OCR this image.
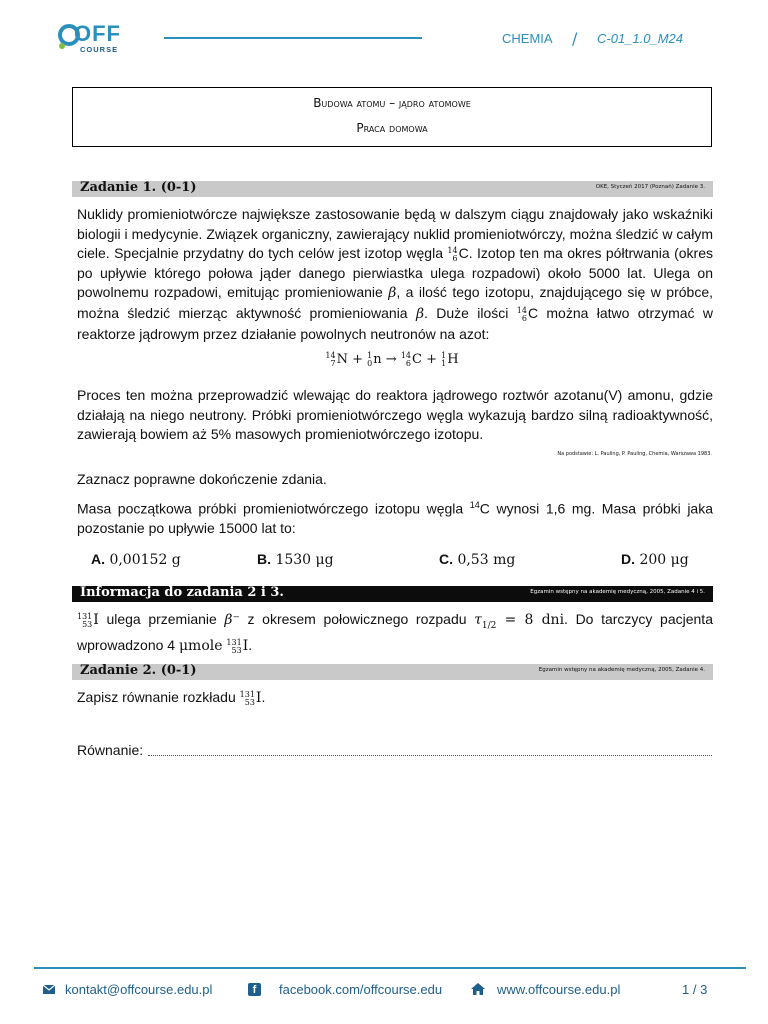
OFF
COURSE
CHEMIA / C-01_1.0_M24
Budowa atomu – jądro atomowe
Praca domowa
Zadanie 1. (0-1)	OKE, Styczeń 2017 (Poznań) Zadanie 3.
Nuklidy promieniotwórcze największe zastosowanie będą w dalszym ciągu znajdowały jako wskaźniki biologii i medycynie. Związek organiczny, zawierający nuklid promieniotwórczy, można śledzić w całym ciele. Specjalnie przydatny do tych celów jest izotop węgla 14
6 C. Izotop ten ma okres półtrwania (okres po upływie którego połowa jąder danego pierwiastka ulega rozpadowi) około 5000 lat. Ulega on powolnemu rozpadowi, emitując promieniowanie β, a ilość tego izotopu, znajdującego się w próbce, można śledzić mierząc aktywność promieniowania β. Duże ilości 14
6 C można łatwo otrzymać w reaktorze jądrowym przez działanie powolnych neutronów na azot:
14
7 N + 1
0 n → 14
6 C + 1
1 H
Proces ten można przeprowadzić wlewając do reaktora jądrowego roztwór azotanu(V) amonu, gdzie działają na niego neutrony. Próbki promieniotwórczego węgla wykazują bardzo silną radioaktywność, zawierają bowiem aż 5% masowych promieniotwórczego izotopu.
Na podstawie: L. Pauling, P. Pauling, Chemia, Warszawa 1983.
Zaznacz poprawne dokończenie zdania.
Masa początkowa próbki promieniotwórczego izotopu węgla $^{14}$C wynosi 1,6 mg. Masa próbki jaka pozostanie po upływie 15000 lat to:
A. 0,00152 g	B. 1530 μg	C. 0,53 mg	D. 200 μg
Informacja do zadania 2 i 3.	Egzamin wstępny na akademię medyczną, 2005, Zadanie 4 i 5.
131
53 I ulega przemianie β⁻ z okresem połowicznego rozpadu $\tau_{1/2} = 8$ dni. Do tarczycy pacjenta wprowadzono 4 μmole 131
53 I.
Zadanie 2. (0-1)	Egzamin wstępny na akademię medyczną, 2005, Zadanie 4.
Zapisz równanie rozkładu 131
53 I.
Równanie:
kontakt@offcourse.edu.pl	f	facebook.com/offcourse.edu	www.offcourse.edu.pl	1 / 3
